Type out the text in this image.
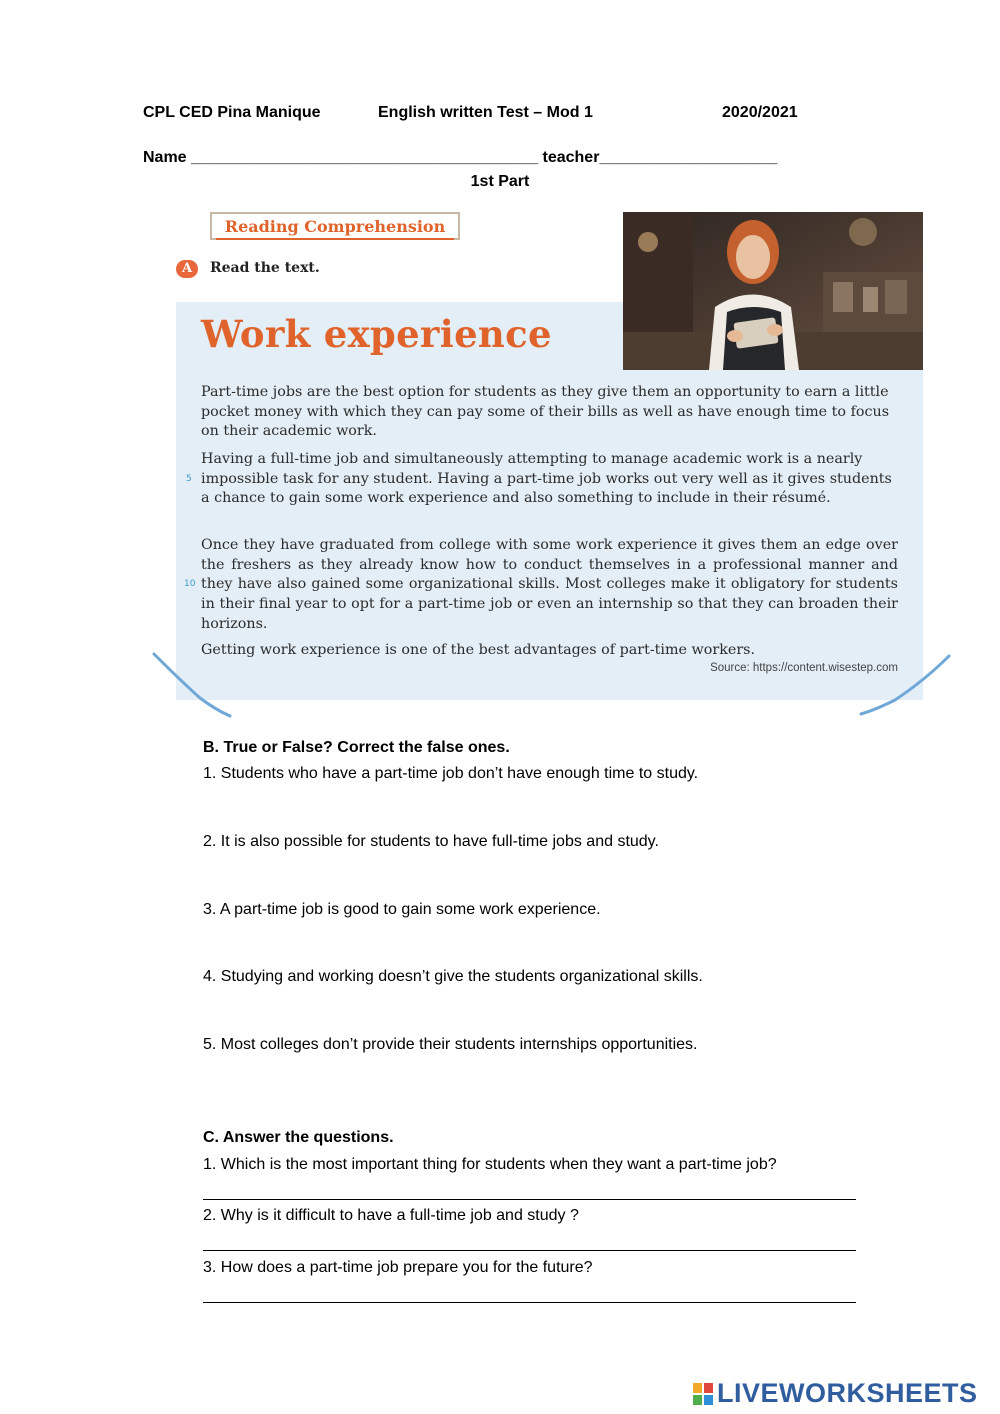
CPL CED Pina Manique	English written Test – Mod 1	2020/2021
Name _______________________________________ teacher____________________
1st Part
Reading Comprehension
A	Read the text.
Work experience
Part-time jobs are the best option for students as they give them an opportunity to earn a little pocket money with which they can pay some of their bills as well as have enough time to focus on their academic work.
Having a full-time job and simultaneously attempting to manage academic work is a nearly impossible task for any student. Having a part-time job works out very well as it gives students a chance to gain some work experience and also something to include in their résumé.
Once they have graduated from college with some work experience it gives them an edge over the freshers as they already know how to conduct themselves in a professional manner and they have also gained some organizational skills. Most colleges make it obligatory for students in their final year to opt for a part-time job or even an internship so that they can broaden their horizons.
Getting work experience is one of the best advantages of part-time workers.
5
10
Source: https://content.wisestep.com
B. True or False? Correct the false ones.
1. Students who have a part-time job don’t have enough time to study.
2. It is also possible for students to have full-time jobs and study.
3. A part-time job is good to gain some work experience.
4. Studying and working doesn’t give the students organizational skills.
5. Most colleges don’t provide their students internships opportunities.
C. Answer the questions.
1. Which is the most important thing for students when they want a part-time job?
2. Why is it difficult to have a full-time job and study ?
3. How does a part-time job prepare you for the future?
LIVEWORKSHEETS
